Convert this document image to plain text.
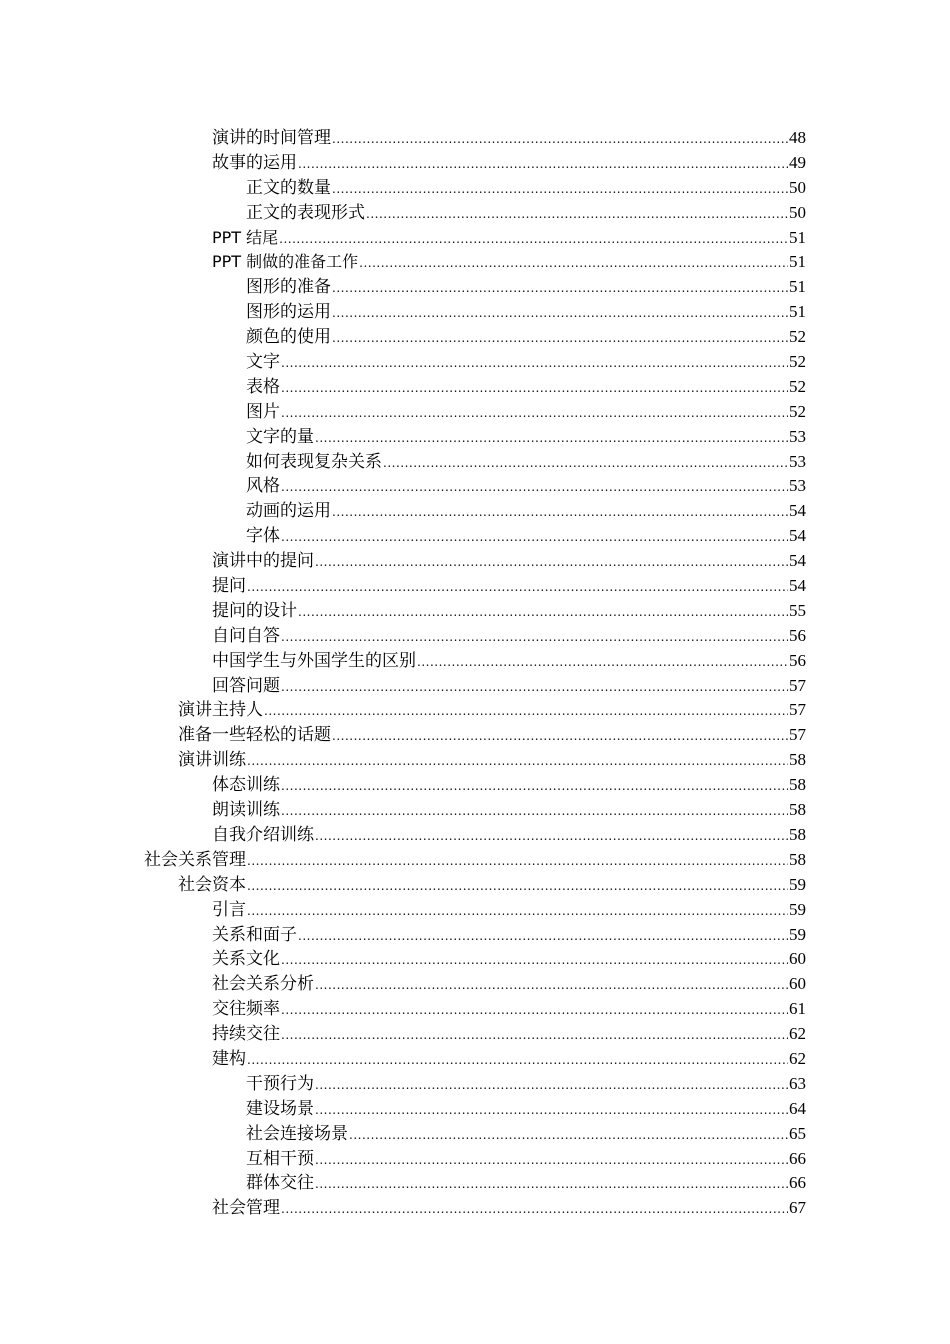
演讲的时间管理 .....	48
故事的运用 .....	49
正文的数量 .....	50
正文的表现形式 .....	50
PPT 结尾 .....	51
PPT 制做的准备工作 .....	51
图形的准备 .....	51
图形的运用 .....	51
颜色的使用 .....	52
文字 .....	52
表格 .....	52
图片 .....	52
文字的量 .....	53
如何表现复杂关系 .....	53
风格 .....	53
动画的运用 .....	54
字体 .....	54
演讲中的提问 .....	54
提问 .....	54
提问的设计 .....	55
自问自答 .....	56
中国学生与外国学生的区别 .....	56
回答问题 .....	57
演讲主持人 .....	57
准备一些轻松的话题 .....	57
演讲训练 .....	58
体态训练 .....	58
朗读训练 .....	58
自我介绍训练 .....	58
社会关系管理 .....	58
社会资本 .....	59
引言 .....	59
关系和面子 .....	59
关系文化 .....	60
社会关系分析 .....	60
交往频率 .....	61
持续交往 .....	62
建构 .....	62
干预行为 .....	63
建设场景 .....	64
社会连接场景 .....	65
互相干预 .....	66
群体交往 .....	66
社会管理 .....	67
